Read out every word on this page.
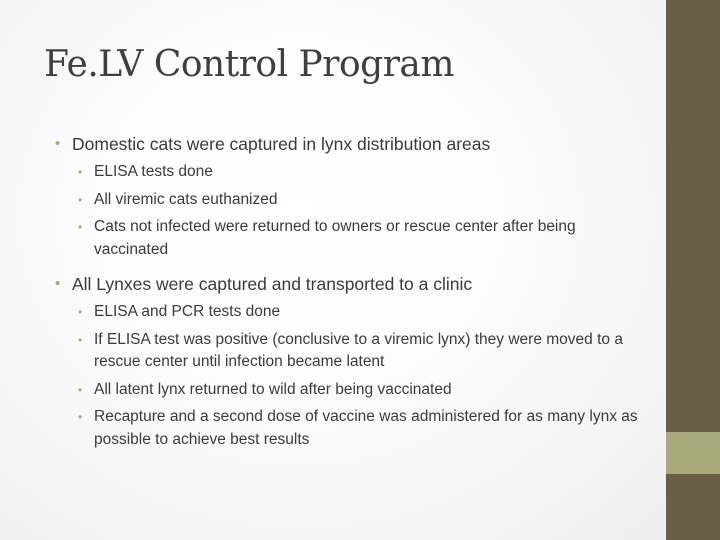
Fe.LV Control Program
• Domestic cats were captured in lynx distribution areas
• ELISA tests done
• All viremic cats euthanized
• Cats not infected were returned to owners or rescue center after being vaccinated
• All Lynxes were captured and transported to a clinic
• ELISA and PCR tests done
• If ELISA test was positive (conclusive to a viremic lynx) they were moved to a rescue center until infection became latent
• All latent lynx returned to wild after being vaccinated
• Recapture and a second dose of vaccine was administered for as many lynx as possible to achieve best results
